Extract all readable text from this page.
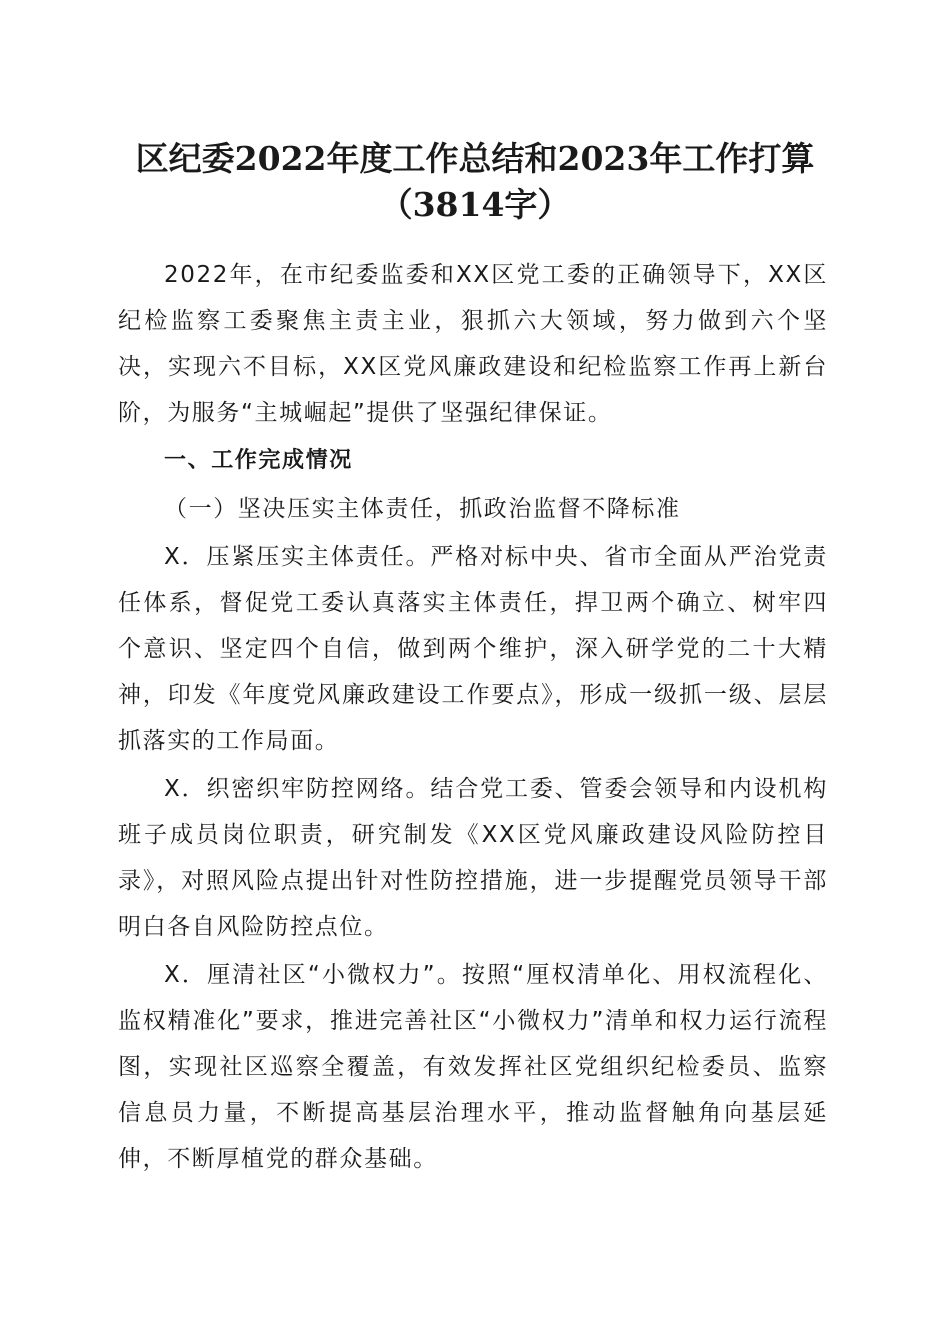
区纪委2022年度工作总结和2023年工作打算
（3814字）

2022年，在市纪委监委和XX区党工委的正确领导下，XX区纪检监察工委聚焦主责主业，狠抓六大领域，努力做到六个坚决，实现六不目标，XX区党风廉政建设和纪检监察工作再上新台阶，为服务“主城崛起”提供了坚强纪律保证。

一、工作完成情况

（一）坚决压实主体责任，抓政治监督不降标准

X．压紧压实主体责任。严格对标中央、省市全面从严治党责任体系，督促党工委认真落实主体责任，捍卫两个确立、树牢四个意识、坚定四个自信，做到两个维护，深入研学党的二十大精神，印发《年度党风廉政建设工作要点》，形成一级抓一级、层层抓落实的工作局面。

X．织密织牢防控网络。结合党工委、管委会领导和内设机构班子成员岗位职责，研究制发《XX区党风廉政建设风险防控目录》，对照风险点提出针对性防控措施，进一步提醒党员领导干部明白各自风险防控点位。

X．厘清社区“小微权力”。按照“厘权清单化、用权流程化、监权精准化”要求，推进完善社区“小微权力”清单和权力运行流程图，实现社区巡察全覆盖，有效发挥社区党组织纪检委员、监察信息员力量，不断提高基层治理水平，推动监督触角向基层延伸，不断厚植党的群众基础。
